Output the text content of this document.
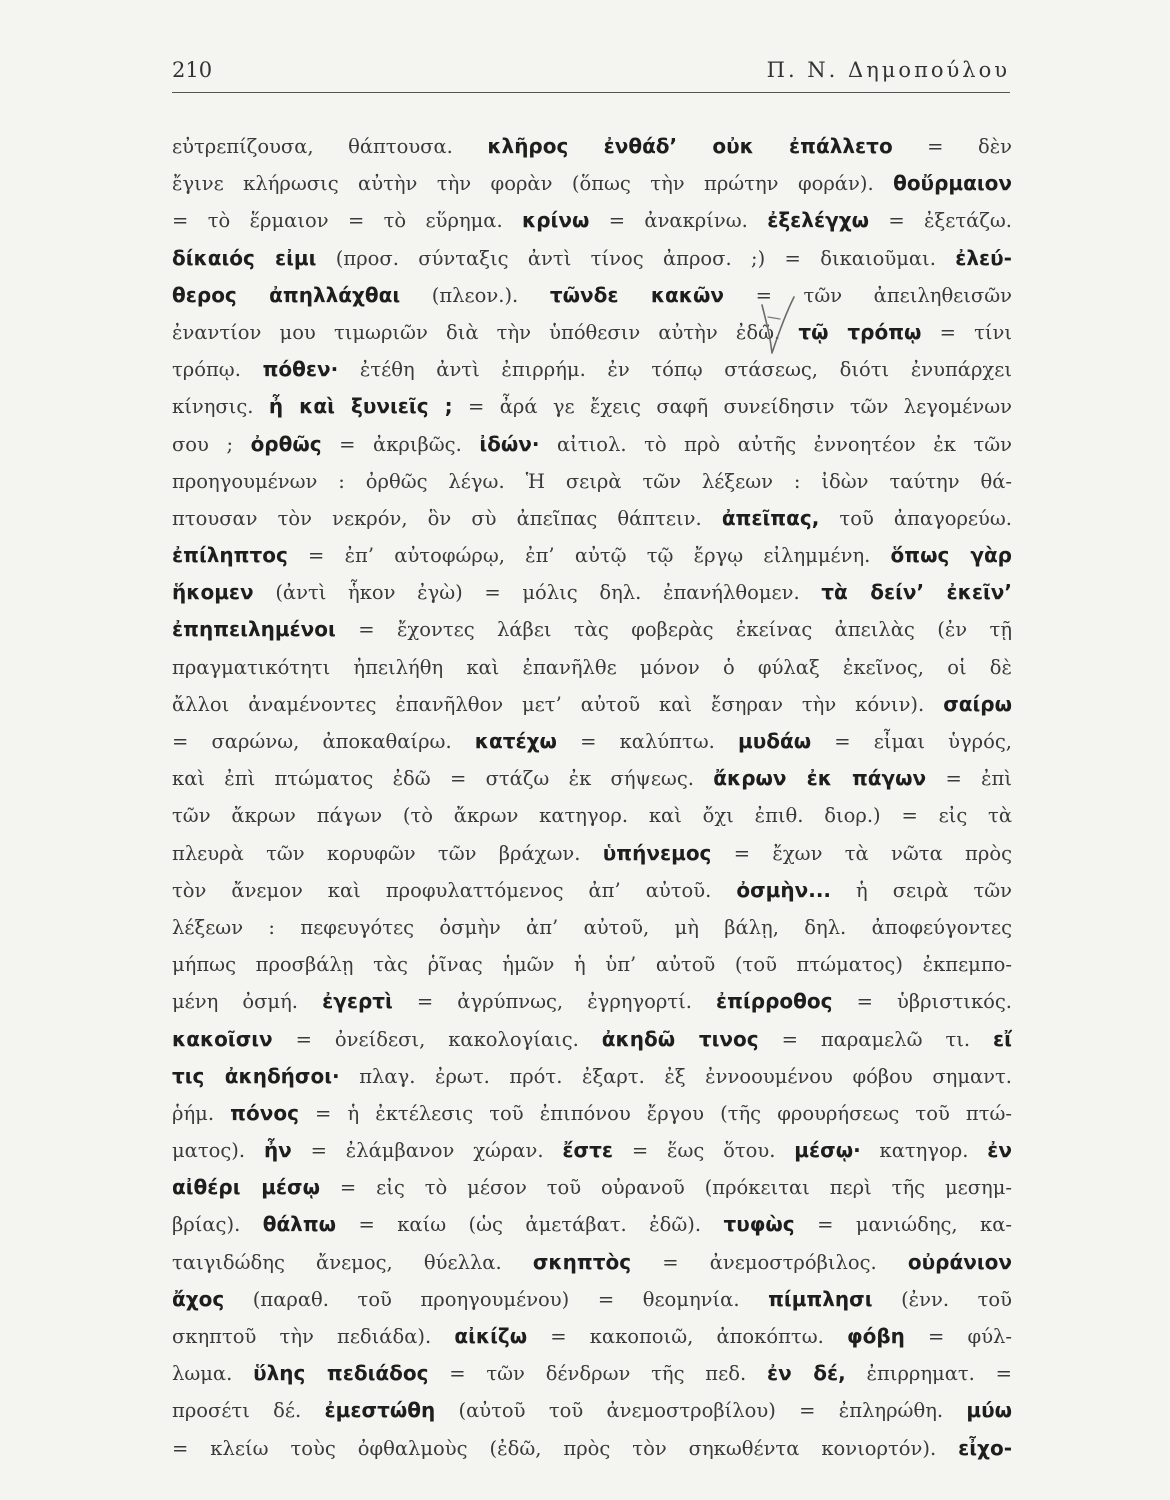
210	Π. Ν. Δημοπούλου
εὐτρεπίζουσα, θάπτουσα. κλῆρος ἐνθάδ’ οὐκ ἐπάλλετο = δὲν
ἔγινε κλήρωσις αὐτὴν τὴν φορὰν (ὅπως τὴν πρώτην φοράν). θοὔρμαιον
= τὸ ἕρμαιον = τὸ εὕρημα. κρίνω = ἀνακρίνω. ἐξελέγχω = ἐξετάζω.
δίκαιός εἰμι (προσ. σύνταξις ἀντὶ τίνος ἀπροσ. ;) = δικαιοῦμαι. ἐλεύ-
θερος ἀπηλλάχθαι (πλεον.). τῶνδε κακῶν = τῶν ἀπειληθεισῶν
ἐναντίον μου τιμωριῶν διὰ τὴν ὑπόθεσιν αὐτὴν ἐδῶ. τῷ τρόπῳ = τίνι
τρόπῳ. πόθεν· ἐτέθη ἀντὶ ἐπιρρήμ. ἐν τόπῳ στάσεως, διότι ἐνυπάρχει
κίνησις. ἦ καὶ ξυνιεῖς ; = ἆρά γε ἔχεις σαφῆ συνείδησιν τῶν λεγομένων
σου ; ὀρθῶς = ἀκριβῶς. ἰδών· αἰτιολ. τὸ πρὸ αὐτῆς ἐννοητέον ἐκ τῶν
προηγουμένων : ὀρθῶς λέγω. Ἡ σειρὰ τῶν λέξεων : ἰδὼν ταύτην θά-
πτουσαν τὸν νεκρόν, ὃν σὺ ἀπεῖπας θάπτειν. ἀπεῖπας, τοῦ ἀπαγορεύω.
ἐπίληπτος = ἐπ’ αὐτοφώρῳ, ἐπ’ αὐτῷ τῷ ἔργῳ εἰλημμένη. ὅπως γὰρ
ἥκομεν (ἀντὶ ἧκον ἐγὼ) = μόλις δηλ. ἐπανήλθομεν. τὰ δείν’ ἐκεῖν’
ἐπηπειλημένοι = ἔχοντες λάβει τὰς φοβερὰς ἐκείνας ἀπειλὰς (ἐν τῇ
πραγματικότητι ἠπειλήθη καὶ ἐπανῆλθε μόνον ὁ φύλαξ ἐκεῖνος, οἱ δὲ
ἄλλοι ἀναμένοντες ἐπανῆλθον μετ’ αὐτοῦ καὶ ἔσηραν τὴν κόνιν). σαίρω
= σαρώνω, ἀποκαθαίρω. κατέχω = καλύπτω. μυδάω = εἶμαι ὑγρός,
καὶ ἐπὶ πτώματος ἐδῶ = στάζω ἐκ σήψεως. ἄκρων ἐκ πάγων = ἐπὶ
τῶν ἄκρων πάγων (τὸ ἄκρων κατηγορ. καὶ ὄχι ἐπιθ. διορ.) = εἰς τὰ
πλευρὰ τῶν κορυφῶν τῶν βράχων. ὑπήνεμος = ἔχων τὰ νῶτα πρὸς
τὸν ἄνεμον καὶ προφυλαττόμενος ἀπ’ αὐτοῦ. ὀσμὴν... ἡ σειρὰ τῶν
λέξεων : πεφευγότες ὀσμὴν ἀπ’ αὐτοῦ, μὴ βάλῃ, δηλ. ἀποφεύγοντες
μήπως προσβάλῃ τὰς ῥῖνας ἡμῶν ἡ ὑπ’ αὐτοῦ (τοῦ πτώματος) ἐκπεμπο-
μένη ὀσμή. ἐγερτὶ = ἀγρύπνως, ἐγρηγορτί. ἐπίρροθος = ὑβριστικός.
κακοῖσιν = ὀνείδεσι, κακολογίαις. ἀκηδῶ τινος = παραμελῶ τι. εἴ
τις ἀκηδήσοι· πλαγ. ἐρωτ. πρότ. ἐξαρτ. ἐξ ἐννοουμένου φόβου σημαντ.
ῥήμ. πόνος = ἡ ἐκτέλεσις τοῦ ἐπιπόνου ἔργου (τῆς φρουρήσεως τοῦ πτώ-
ματος). ἦν = ἐλάμβανον χώραν. ἔστε = ἕως ὅτου. μέσῳ· κατηγορ. ἐν
αἰθέρι μέσῳ = εἰς τὸ μέσον τοῦ οὐρανοῦ (πρόκειται περὶ τῆς μεσημ-
βρίας). θάλπω = καίω (ὡς ἀμετάβατ. ἐδῶ). τυφὼς = μανιώδης, κα-
ταιγιδώδης ἄνεμος, θύελλα. σκηπτὸς = ἀνεμοστρόβιλος. οὐράνιον
ἄχος (παραθ. τοῦ προηγουμένου) = θεομηνία. πίμπλησι (ἐνν. τοῦ
σκηπτοῦ τὴν πεδιάδα). αἰκίζω = κακοποιῶ, ἀποκόπτω. φόβη = φύλ-
λωμα. ὕλης πεδιάδος = τῶν δένδρων τῆς πεδ. ἐν δέ, ἐπιρρηματ. =
προσέτι δέ. ἐμεστώθη (αὐτοῦ τοῦ ἀνεμοστροβίλου) = ἐπληρώθη. μύω
= κλείω τοὺς ὀφθαλμοὺς (ἐδῶ, πρὸς τὸν σηκωθέντα κονιορτόν). εἶχο-
